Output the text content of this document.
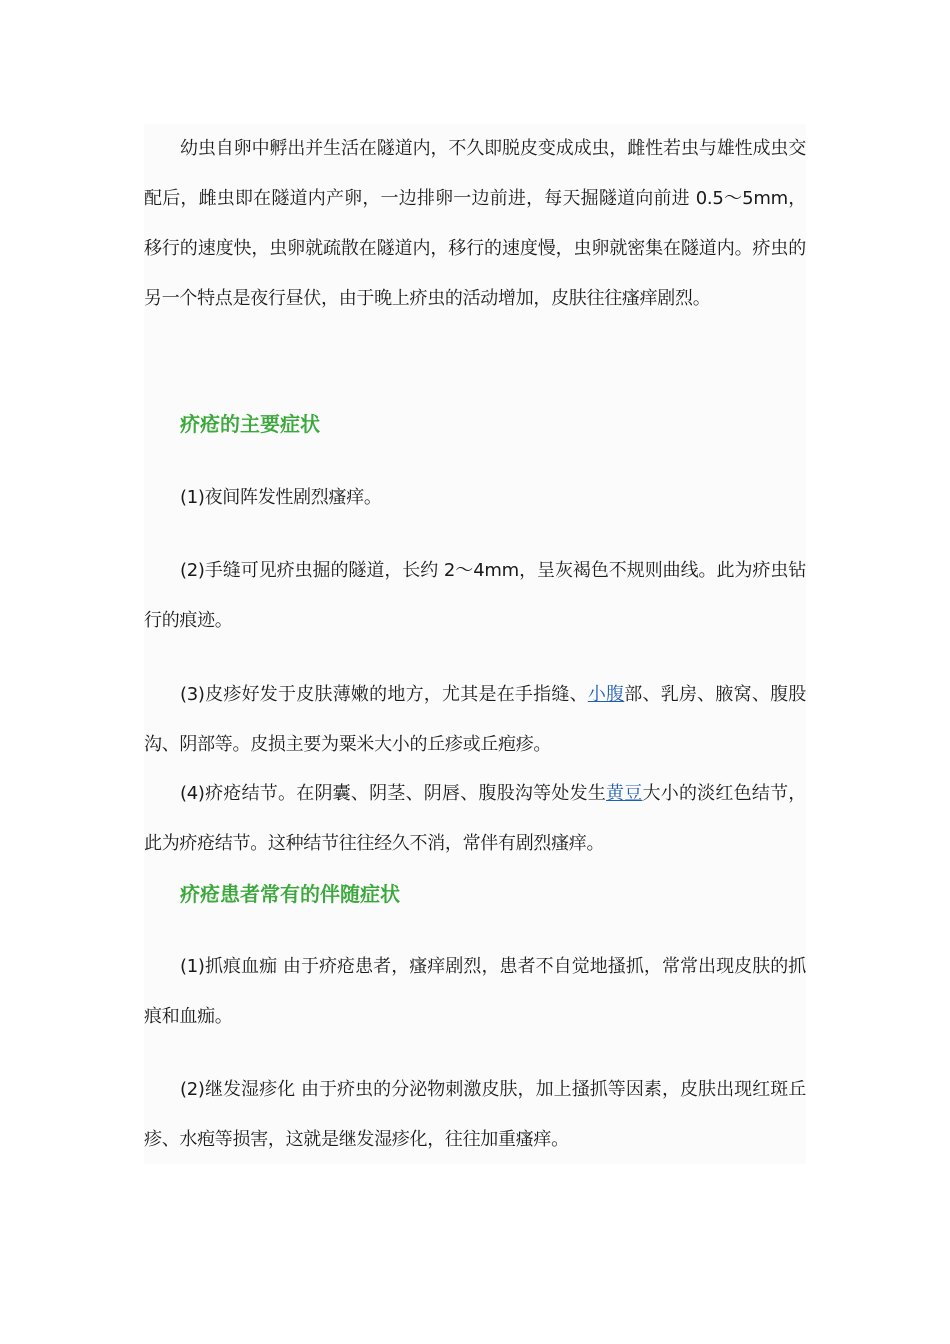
幼虫自卵中孵出并生活在隧道内，不久即脱皮变成成虫，雌性若虫与雄性成虫交配后，雌虫即在隧道内产卵，一边排卵一边前进，每天掘隧道向前进 0.5～5mm，移行的速度快，虫卵就疏散在隧道内，移行的速度慢，虫卵就密集在隧道内。疥虫的另一个特点是夜行昼伏，由于晚上疥虫的活动增加，皮肤往往瘙痒剧烈。

疥疮的主要症状

(1)夜间阵发性剧烈瘙痒。

(2)手缝可见疥虫掘的隧道，长约 2～4mm，呈灰褐色不规则曲线。此为疥虫钻行的痕迹。

(3)皮疹好发于皮肤薄嫩的地方，尤其是在手指缝、小腹部、乳房、腋窝、腹股沟、阴部等。皮损主要为粟米大小的丘疹或丘疱疹。

(4)疥疮结节。在阴囊、阴茎、阴唇、腹股沟等处发生黄豆大小的淡红色结节，此为疥疮结节。这种结节往往经久不消，常伴有剧烈瘙痒。

疥疮患者常有的伴随症状

(1)抓痕血痂 由于疥疮患者，瘙痒剧烈，患者不自觉地搔抓，常常出现皮肤的抓痕和血痂。

(2)继发湿疹化 由于疥虫的分泌物刺激皮肤，加上搔抓等因素，皮肤出现红斑丘疹、水疱等损害，这就是继发湿疹化，往往加重瘙痒。
